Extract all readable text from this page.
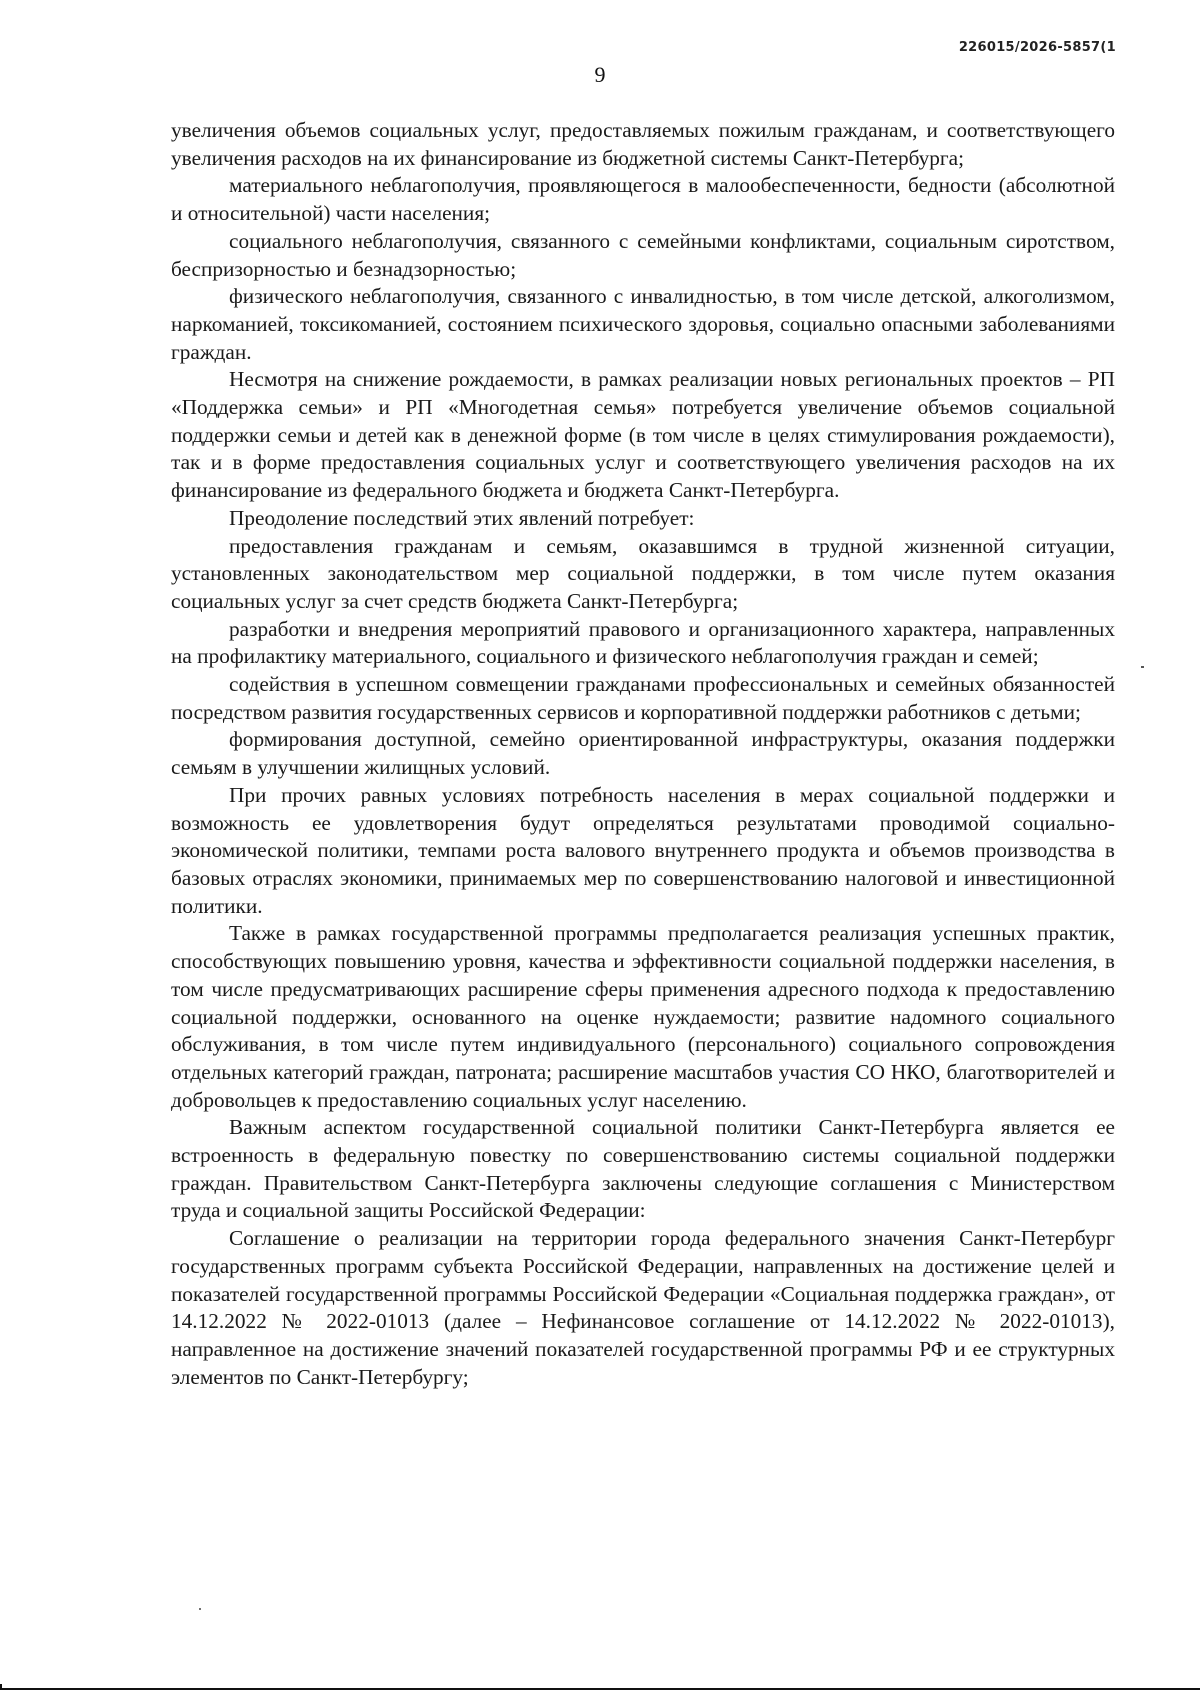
226015/2026-5857(1
9

увеличения объемов социальных услуг, предоставляемых пожилым гражданам, и соответствующего увеличения расходов на их финансирование из бюджетной системы Санкт-Петербурга;

материального неблагополучия, проявляющегося в малообеспеченности, бедности (абсолютной и относительной) части населения;

социального неблагополучия, связанного с семейными конфликтами, социальным сиротством, беспризорностью и безнадзорностью;

физического неблагополучия, связанного с инвалидностью, в том числе детской, алкоголизмом, наркоманией, токсикоманией, состоянием психического здоровья, социально опасными заболеваниями граждан.

Несмотря на снижение рождаемости, в рамках реализации новых региональных проектов – РП «Поддержка семьи» и РП «Многодетная семья» потребуется увеличение объемов социальной поддержки семьи и детей как в денежной форме (в том числе в целях стимулирования рождаемости), так и в форме предоставления социальных услуг и соответствующего увеличения расходов на их финансирование из федерального бюджета и бюджета Санкт-Петербурга.

Преодоление последствий этих явлений потребует:

предоставления гражданам и семьям, оказавшимся в трудной жизненной ситуации, установленных законодательством мер социальной поддержки, в том числе путем оказания социальных услуг за счет средств бюджета Санкт-Петербурга;

разработки и внедрения мероприятий правового и организационного характера, направленных на профилактику материального, социального и физического неблагополучия граждан и семей;

содействия в успешном совмещении гражданами профессиональных и семейных обязанностей посредством развития государственных сервисов и корпоративной поддержки работников с детьми;

формирования доступной, семейно ориентированной инфраструктуры, оказания поддержки семьям в улучшении жилищных условий.

При прочих равных условиях потребность населения в мерах социальной поддержки и возможность ее удовлетворения будут определяться результатами проводимой социально-экономической политики, темпами роста валового внутреннего продукта и объемов производства в базовых отраслях экономики, принимаемых мер по совершенствованию налоговой и инвестиционной политики.

Также в рамках государственной программы предполагается реализация успешных практик, способствующих повышению уровня, качества и эффективности социальной поддержки населения, в том числе предусматривающих расширение сферы применения адресного подхода к предоставлению социальной поддержки, основанного на оценке нуждаемости; развитие надомного социального обслуживания, в том числе путем индивидуального (персонального) социального сопровождения отдельных категорий граждан, патроната; расширение масштабов участия СО НКО, благотворителей и добровольцев к предоставлению социальных услуг населению.

Важным аспектом государственной социальной политики Санкт-Петербурга является ее встроенность в федеральную повестку по совершенствованию системы социальной поддержки граждан. Правительством Санкт-Петербурга заключены следующие соглашения с Министерством труда и социальной защиты Российской Федерации:

Соглашение о реализации на территории города федерального значения Санкт-Петербург государственных программ субъекта Российской Федерации, направленных на достижение целей и показателей государственной программы Российской Федерации «Социальная поддержка граждан», от 14.12.2022 № 2022-01013 (далее – Нефинансовое соглашение от 14.12.2022 № 2022-01013), направленное на достижение значений показателей государственной программы РФ и ее структурных элементов по Санкт-Петербургу;
